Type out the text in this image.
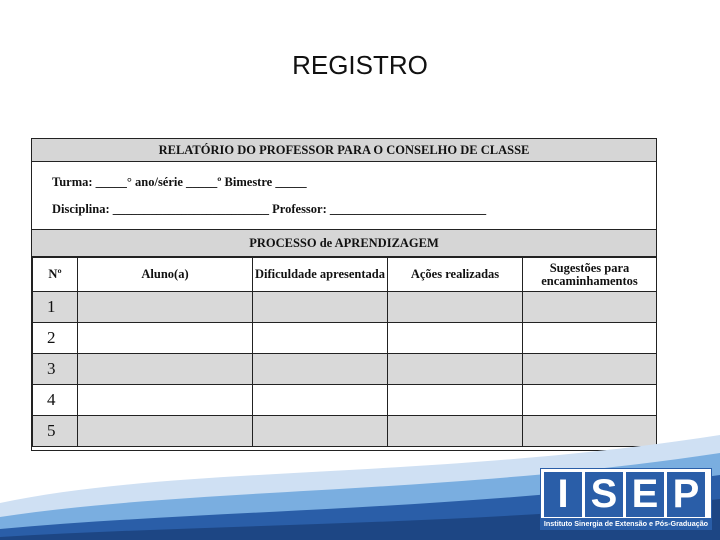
REGISTRO
RELATÓRIO DO PROFESSOR PARA O CONSELHO DE CLASSE
Turma: _____° ano/série _____º Bimestre _____
Disciplina: _________________________ Professor: _________________________
PROCESSO de APRENDIZAGEM
Nº	Aluno(a)	Dificuldade apresentada	Ações realizadas	Sugestões para encaminhamentos
1				
2				
3				
4				
5				
I S E P
Instituto Sinergia de Extensão e Pós-Graduação
